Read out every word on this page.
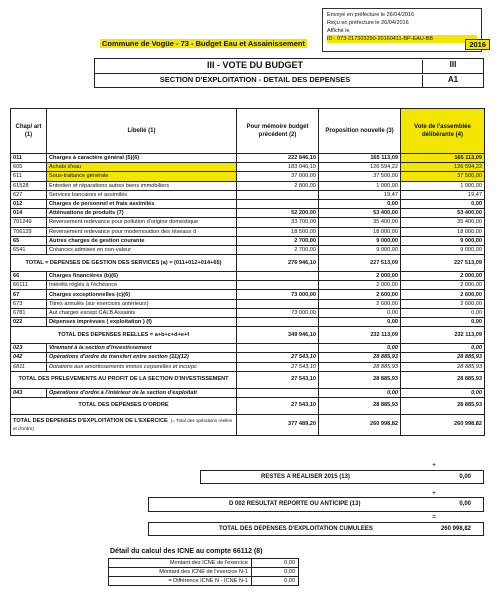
Envoyé en préfecture le 26/04/2016
Reçu en préfecture le 26/04/2016
Affiché le
ID : 073-217303290-20160411-BP-EAU-BB
Commune de Vogüe - 73 - Budget Eau et Assainissement	2016
III - VOTE DU BUDGET
SECTION D'EXPLOITATION - DETAIL DES DEPENSES
III
A1
Chap/ art (1)	Libellé (1)	Pour mémoire budget précédent (2)	Proposition nouvelle (3)	Vote de l'assemblée délibérante (4)
011	Charges à caractère général (5)(6)	222 846,10	165 113,09	165 113,09
605	Achats d'eau	183 046,10	126 594,22	126 594,22
611	Sous-traitance générale	37 000,00	37 500,00	37 500,00
61528	Entretien et réparations autres biens immobiliers	2 800,00	1 000,00	1 000,00
627	Services bancaires et assimilés		19,47	19,47
012	Charges de personnel et frais assimilés		0,00	0,00
014	Atténuations de produits (7)	52 200,00	53 400,00	53 400,00
701249	Reversement redevance pour pollution d'origine domestique	33 700,00	35 400,00	35 400,00
706129	Reversement redevance pour modernisation des réseaux d	18 500,00	18 000,00	18 000,00
65	Autres charges de gestion courante	2 700,00	9 000,00	9 000,00
6541	Créances admises en non-valeur	2 700,00	9 000,00	9 000,00
TOTAL = DEPENSES DE GESTION DES SERVICES (a) = (011+012+014+65)		276 946,10	227 513,09	227 513,09
66	Charges financières (b)(6)		2 000,00	2 000,00
66111	Intérêts réglés à l'échéance		2 000,00	2 000,00
67	Charges exceptionnelles (c)(6)	73 000,00	2 600,00	2 600,00
673	Titres annulés (sur exercices antérieurs)		2 600,00	2 600,00
6781	Aut charges except CALB Assainis	73 000,00	0,00	0,00
022	Dépenses imprévues ( exploitation ) (f)		0,00	0,00
TOTAL DES DEPENSES REELLES = a+b+c+d+e+f		349 946,10	232 113,09	232 113,09
023	Virement à la section d'investissement		0,00	0,00
042	Opérations d'ordre de transfert entre section (11)(12)	27 543,10	28 885,93	28 885,93
6811	Dotations aux amortissements immos corporelles et incorpc	27 543,10	28 885,93	28 885,93
TOTAL DES PRELEVEMENTS AU PROFIT DE LA SECTION D'INVESTISSEMENT		27 543,10	28 885,93	28 885,93
043	Opérations d'ordre à l'intérieur de la section d'exploitati		0,00	0,00
TOTAL DES DEPENSES D'ORDRE		27 543,10	28 885,93	28 885,93
TOTAL DES DEPENSES D'EXPLOITATION DE L'EXERCICE (= Total des opérations réelles et d'ordre)		377 489,20	260 998,82	260 998,82
+
RESTES A REALISER 2015 (13)	0,00
+
D 002 RESULTAT REPORTE OU ANTICIPE (13)	0,00
=
TOTAL DES DEPENSES D'EXPLOITATION CUMULEES	260 998,82
Détail du calcul des ICNE au compte 66112 (8)
Montant des ICNE de l'exercice	0,00
Montant des ICNE de l'exercice N-1	0,00
= Différence ICNE N - ICNE N-1	0,00
